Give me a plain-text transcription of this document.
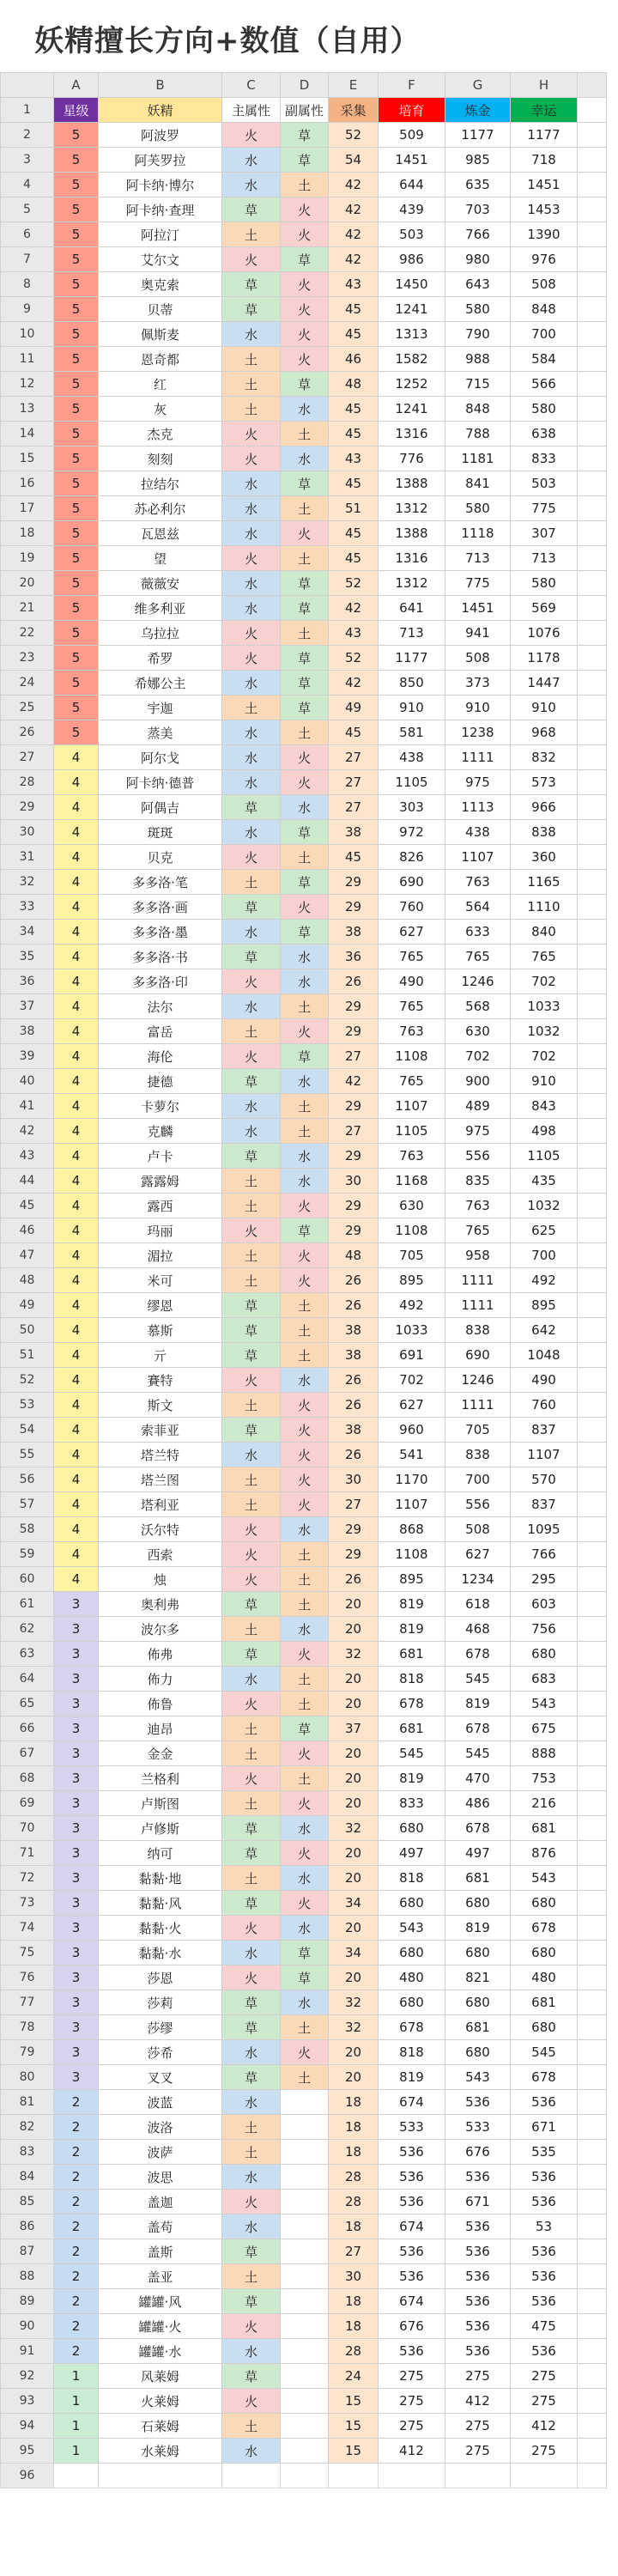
妖精擅长方向+数值（自用）
	A	B	C	D	E	F	G	H	
1	星级	妖精	主属性	副属性	采集	培育	炼金	幸运	
2	5	阿波罗	火	草	52	509	1177	1177	
3	5	阿芙罗拉	水	草	54	1451	985	718	
4	5	阿卡纳·博尔	水	土	42	644	635	1451	
5	5	阿卡纳·查理	草	火	42	439	703	1453	
6	5	阿拉汀	土	火	42	503	766	1390	
7	5	艾尔文	火	草	42	986	980	976	
8	5	奥克索	草	火	43	1450	643	508	
9	5	贝蒂	草	火	45	1241	580	848	
10	5	佩斯麦	水	火	45	1313	790	700	
11	5	恩奇都	土	火	46	1582	988	584	
12	5	红	土	草	48	1252	715	566	
13	5	灰	土	水	45	1241	848	580	
14	5	杰克	火	土	45	1316	788	638	
15	5	刻刻	火	水	43	776	1181	833	
16	5	拉结尔	水	草	45	1388	841	503	
17	5	苏必利尔	水	土	51	1312	580	775	
18	5	瓦恩兹	水	火	45	1388	1118	307	
19	5	望	火	土	45	1316	713	713	
20	5	薇薇安	水	草	52	1312	775	580	
21	5	维多利亚	水	草	42	641	1451	569	
22	5	乌拉拉	火	土	43	713	941	1076	
23	5	希罗	火	草	52	1177	508	1178	
24	5	希娜公主	水	草	42	850	373	1447	
25	5	宇迦	土	草	49	910	910	910	
26	5	蒸美	水	土	45	581	1238	968	
27	4	阿尔戈	水	火	27	438	1111	832	
28	4	阿卡纳·德普	水	火	27	1105	975	573	
29	4	阿偶吉	草	水	27	303	1113	966	
30	4	斑斑	水	草	38	972	438	838	
31	4	贝克	火	土	45	826	1107	360	
32	4	多多洛·笔	土	草	29	690	763	1165	
33	4	多多洛·画	草	火	29	760	564	1110	
34	4	多多洛·墨	水	草	38	627	633	840	
35	4	多多洛·书	草	水	36	765	765	765	
36	4	多多洛·印	火	水	26	490	1246	702	
37	4	法尔	水	土	29	765	568	1033	
38	4	富岳	土	火	29	763	630	1032	
39	4	海伦	火	草	27	1108	702	702	
40	4	捷德	草	水	42	765	900	910	
41	4	卡萝尔	水	土	29	1107	489	843	
42	4	克麟	水	土	27	1105	975	498	
43	4	卢卡	草	水	29	763	556	1105	
44	4	露露姆	土	水	30	1168	835	435	
45	4	露西	土	火	29	630	763	1032	
46	4	玛丽	火	草	29	1108	765	625	
47	4	湄拉	土	火	48	705	958	700	
48	4	米可	土	火	26	895	1111	492	
49	4	缪恩	草	土	26	492	1111	895	
50	4	慕斯	草	土	38	1033	838	642	
51	4	亓	草	土	38	691	690	1048	
52	4	賽特	火	水	26	702	1246	490	
53	4	斯文	土	火	26	627	1111	760	
54	4	索菲亚	草	火	38	960	705	837	
55	4	塔兰特	水	火	26	541	838	1107	
56	4	塔兰图	土	火	30	1170	700	570	
57	4	塔利亚	土	火	27	1107	556	837	
58	4	沃尔特	火	水	29	868	508	1095	
59	4	西索	火	土	29	1108	627	766	
60	4	烛	火	土	26	895	1234	295	
61	3	奥利弗	草	土	20	819	618	603	
62	3	波尔多	土	水	20	819	468	756	
63	3	佈弗	草	火	32	681	678	680	
64	3	佈力	水	土	20	818	545	683	
65	3	佈鲁	火	土	20	678	819	543	
66	3	迪昂	土	草	37	681	678	675	
67	3	金金	土	火	20	545	545	888	
68	3	兰格利	火	土	20	819	470	753	
69	3	卢斯图	土	火	20	833	486	216	
70	3	卢修斯	草	水	32	680	678	681	
71	3	纳可	草	火	20	497	497	876	
72	3	黏黏·地	土	水	20	818	681	543	
73	3	黏黏·风	草	火	34	680	680	680	
74	3	黏黏·火	火	水	20	543	819	678	
75	3	黏黏·水	水	草	34	680	680	680	
76	3	莎恩	火	草	20	480	821	480	
77	3	莎莉	草	水	32	680	680	681	
78	3	莎缪	草	土	32	678	681	680	
79	3	莎希	水	火	20	818	680	545	
80	3	叉叉	草	土	20	819	543	678	
81	2	波蓝	水		18	674	536	536	
82	2	波洛	土		18	533	533	671	
83	2	波萨	土		18	536	676	535	
84	2	波思	水		28	536	536	536	
85	2	盖迦	火		28	536	671	536	
86	2	盖苟	水		18	674	536	53	
87	2	盖斯	草		27	536	536	536	
88	2	盖亚	土		30	536	536	536	
89	2	罐罐·风	草		18	674	536	536	
90	2	罐罐·火	火		18	676	536	475	
91	2	罐罐·水	水		28	536	536	536	
92	1	风莱姆	草		24	275	275	275	
93	1	火莱姆	火		15	275	412	275	
94	1	石莱姆	土		15	275	275	412	
95	1	水莱姆	水		15	412	275	275	
96									
